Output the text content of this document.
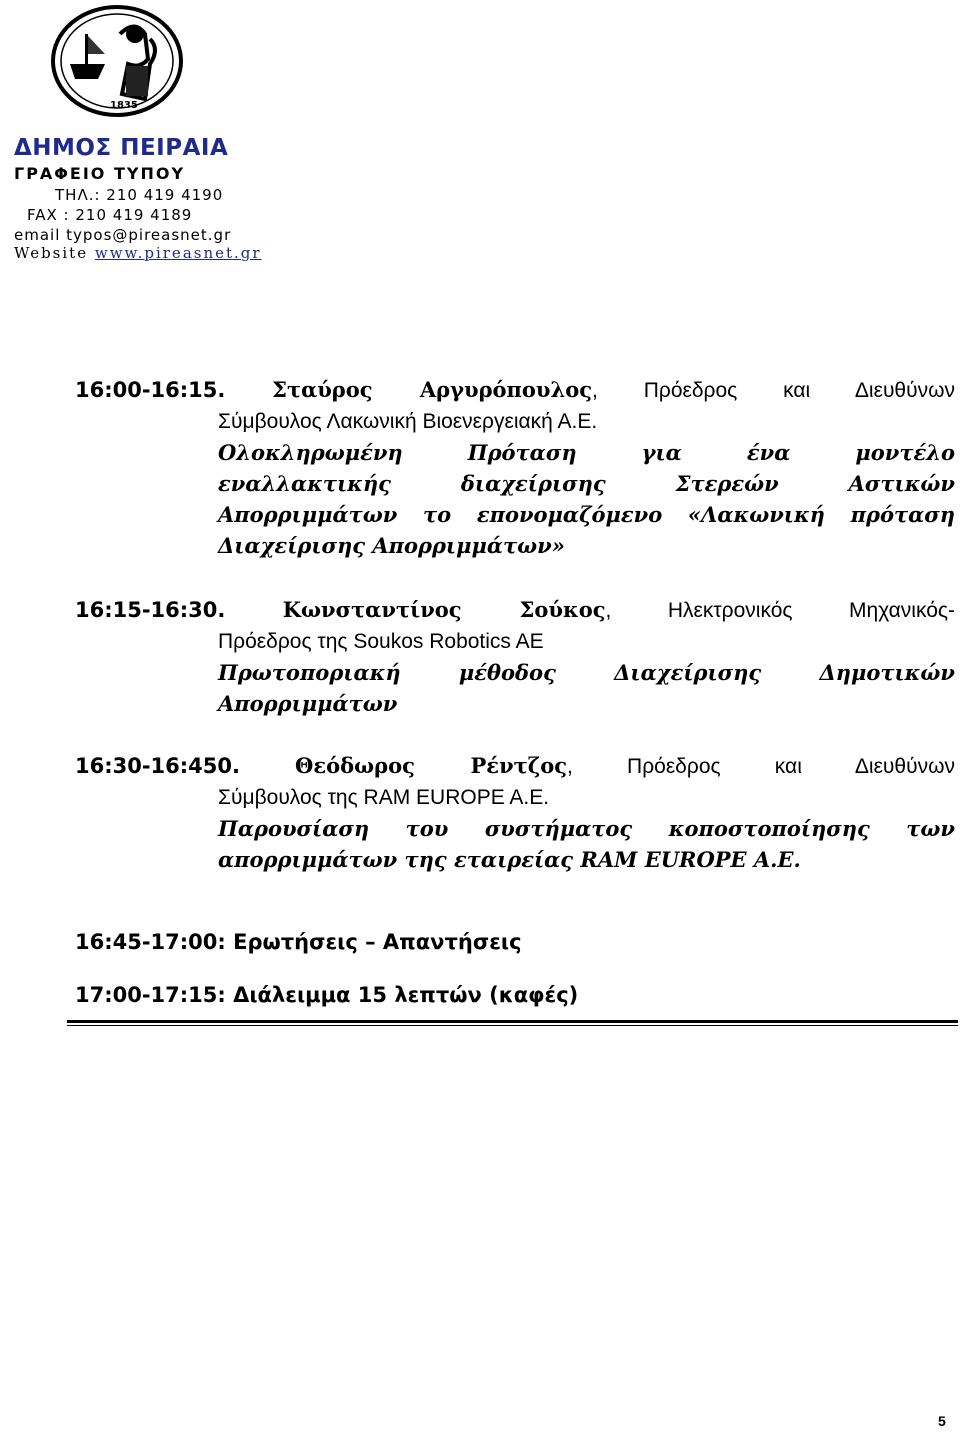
1835
ΔΗΜΟΣ ΠΕΙΡΑΙΑ
ΓΡΑΦΕΙΟ ΤΥΠΟΥ
ΤΗΛ.: 210 419 4190
FAX : 210 419 4189
email typos@pireasnet.gr
Website www.pireasnet.gr
16:00-16:15. Σταύρος Αργυρόπουλος, Πρόεδρος και Διευθύνων
Σύμβουλος Λακωνική Βιοενεργειακή Α.Ε.
Ολοκληρωμένη Πρόταση για ένα μοντέλο
εναλλακτικής διαχείρισης Στερεών Αστικών
Απορριμμάτων το επονομαζόμενο «Λακωνική πρόταση
Διαχείρισης Απορριμμάτων»
16:15-16:30.	Κωνσταντίνος Σούκος, Ηλεκτρονικός Μηχανικός-
Πρόεδρος της Soukos Robotics AE
Πρωτοποριακή μέθοδος Διαχείρισης Δημοτικών
Απορριμμάτων
16:30-16:450.	Θεόδωρος Ρέντζος, Πρόεδρος και Διευθύνων
Σύμβουλος της RAM EUROPE A.E.
Παρουσίαση του συστήματος κοποστοποίησης των
απορριμμάτων της εταιρείας RAM EUROPE A.E.
16:45-17:00: Ερωτήσεις – Απαντήσεις
17:00-17:15: Διάλειμμα 15 λεπτών (καφές)
5
